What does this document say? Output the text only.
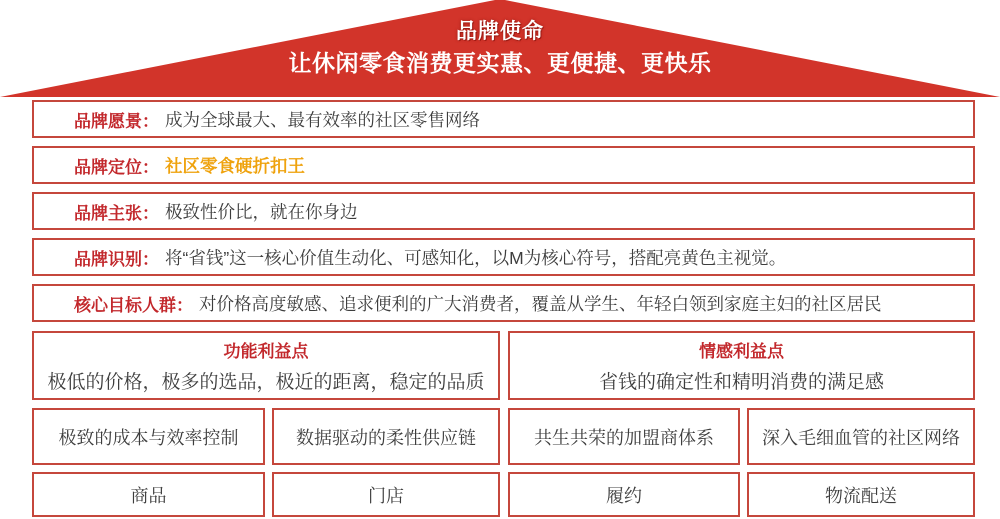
品牌使命
让休闲零食消费更实惠、更便捷、更快乐
品牌愿景： 成为全球最大、最有效率的社区零售网络
品牌定位： 社区零食硬折扣王
品牌主张： 极致性价比，就在你身边
品牌识别： 将“省钱”这一核心价值生动化、可感知化，以M为核心符号，搭配亮黄色主视觉。
核心目标人群： 对价格高度敏感、追求便利的广大消费者，覆盖从学生、年轻白领到家庭主妇的社区居民
功能利益点
极低的价格，极多的选品，极近的距离，稳定的品质
情感利益点
省钱的确定性和精明消费的满足感
极致的成本与效率控制	数据驱动的柔性供应链	共生共荣的加盟商体系	深入毛细血管的社区网络
商品	门店	履约	物流配送
